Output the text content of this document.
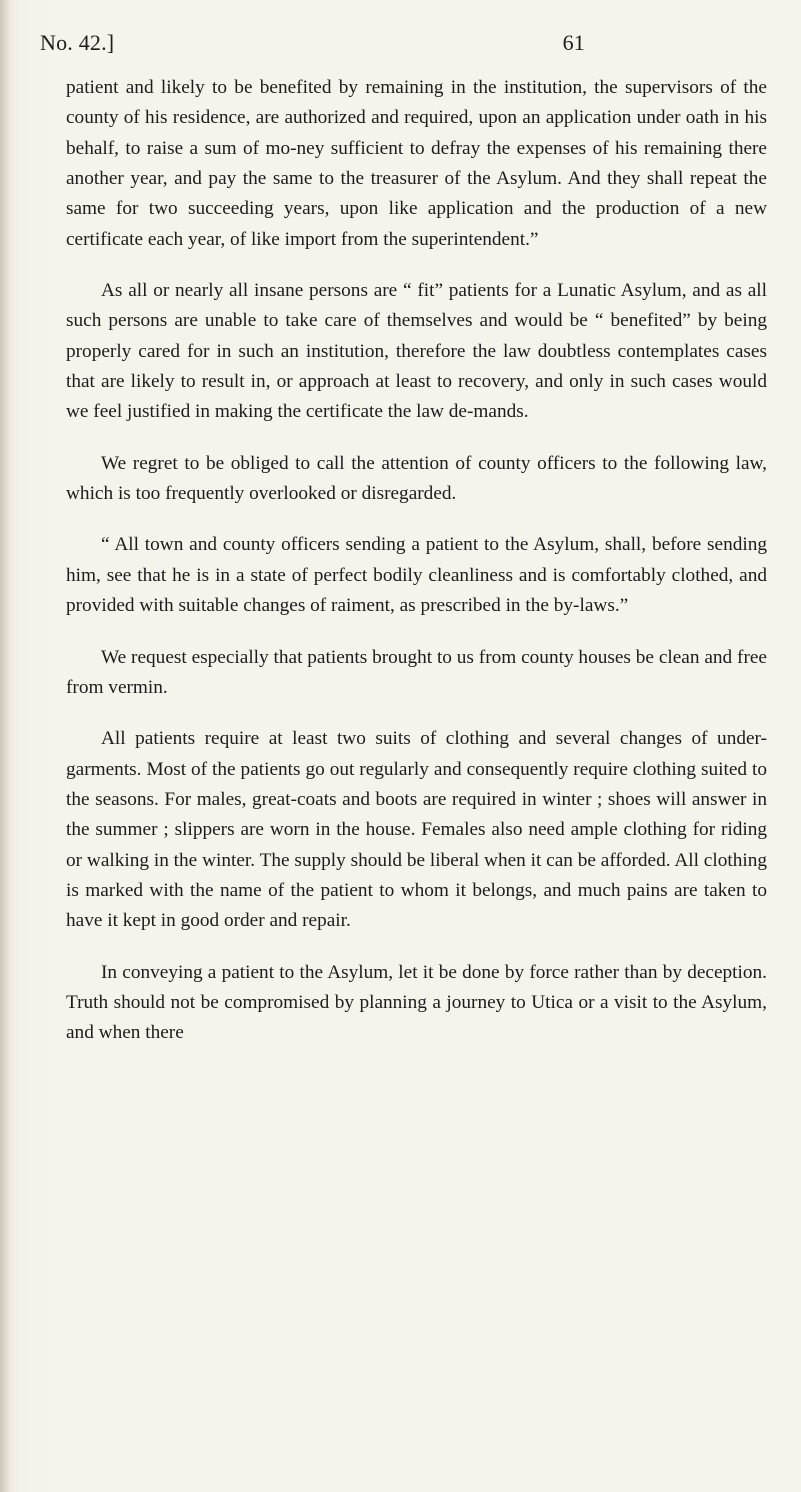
No. 42.]	61

patient and likely to be benefited by remaining in the institution, the supervisors of the county of his residence, are authorized and required, upon an application under oath in his behalf, to raise a sum of mo-ney sufficient to defray the expenses of his remaining there another year, and pay the same to the treasurer of the Asylum. And they shall repeat the same for two succeeding years, upon like application and the production of a new certificate each year, of like import from the superintendent.”

As all or nearly all insane persons are “ fit” patients for a Lunatic Asylum, and as all such persons are unable to take care of themselves and would be “ benefited” by being properly cared for in such an institution, therefore the law doubtless contemplates cases that are likely to result in, or approach at least to recovery, and only in such cases would we feel justified in making the certificate the law de-mands.

We regret to be obliged to call the attention of county officers to the following law, which is too frequently overlooked or disregarded.

“ All town and county officers sending a patient to the Asylum, shall, before sending him, see that he is in a state of perfect bodily cleanliness and is comfortably clothed, and provided with suitable changes of raiment, as prescribed in the by-laws.”

We request especially that patients brought to us from county houses be clean and free from vermin.

All patients require at least two suits of clothing and several changes of under-garments. Most of the patients go out regularly and consequently require clothing suited to the seasons. For males, great-coats and boots are required in winter ; shoes will answer in the summer ; slippers are worn in the house. Females also need ample clothing for riding or walking in the winter. The supply should be liberal when it can be afforded. All clothing is marked with the name of the patient to whom it belongs, and much pains are taken to have it kept in good order and repair.

In conveying a patient to the Asylum, let it be done by force rather than by deception. Truth should not be compromised by planning a journey to Utica or a visit to the Asylum, and when there
